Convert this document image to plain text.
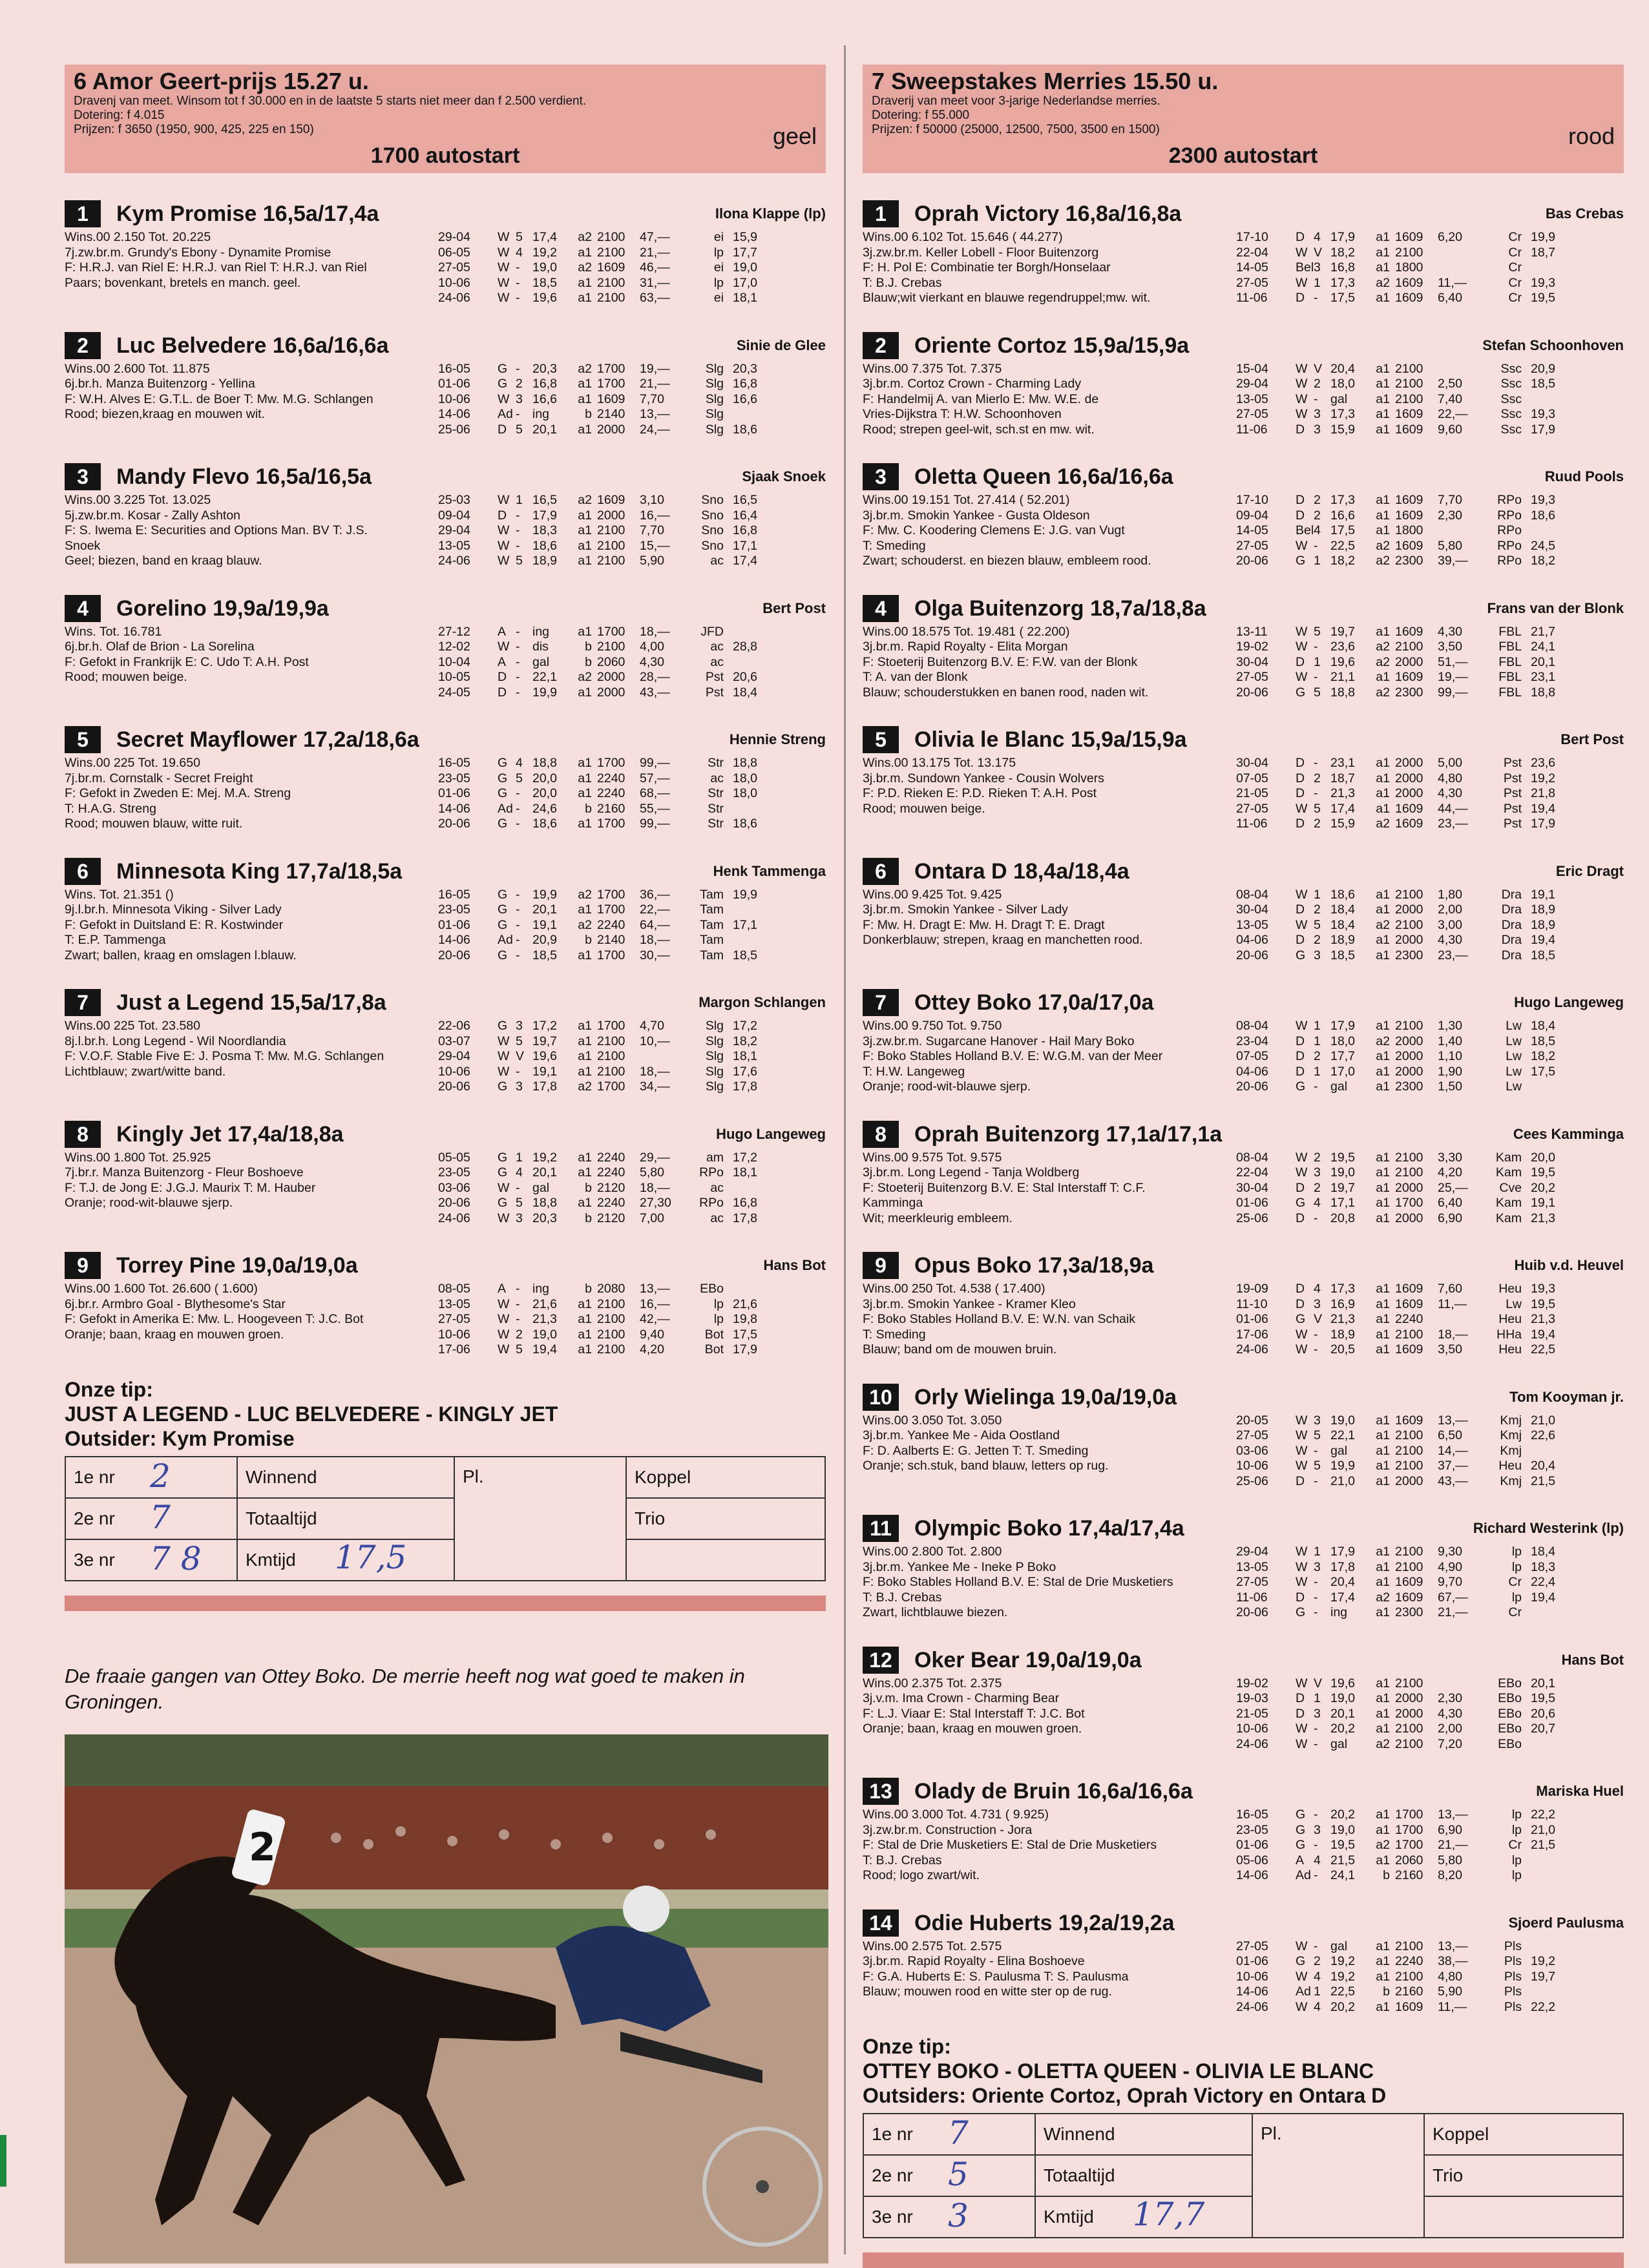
6 Amor Geert-prijs 15.27 u.
Dravenj van meet. Winsom tot f 30.000 en in de laatste 5 starts niet meer dan f 2.500 verdient.
Dotering: f 4.015
Prijzen: f 3650 (1950, 900, 425, 225 en 150)	geel
1700 autostart
1	Kym Promise 16,5a/17,4a	Ilona Klappe (lp)
Wins.00 2.150 Tot. 20.225
7j.zw.br.m. Grundy's Ebony - Dynamite Promise
F: H.R.J. van Riel E: H.R.J. van Riel T: H.R.J. van Riel
Paars; bovenkant, bretels en manch. geel.
29-04 W 5 17,4	a2 2100 47,—	ei 15,9
06-05 W 4 19,2	a1 2100 21,—	lp 17,7
27-05 W - 19,0	a2 1609 46,—	ei 19,0
10-06 W - 18,5	a1 2100 31,—	lp 17,0
24-06 W - 19,6	a1 2100 63,—	ei 18,1
2	Luc Belvedere 16,6a/16,6a	Sinie de Glee
Wins.00 2.600 Tot. 11.875
6j.br.h. Manza Buitenzorg - Yellina
F: W.H. Alves E: G.T.L. de Boer T: Mw. M.G. Schlangen
Rood; biezen,kraag en mouwen wit.
16-05 G - 20,3	a2 1700 19,—	Slg 20,3
01-06 G 2 16,8	a1 1700 21,—	Slg 16,8
10-06 W 3 16,6	a1 1609 7,70	Slg 16,6
14-06 Ad - ing	b 2140 13,—	Slg
25-06 D 5 20,1	a1 2000 24,—	Slg 18,6
3	Mandy Flevo 16,5a/16,5a	Sjaak Snoek
Wins.00 3.225 Tot. 13.025
5j.zw.br.m. Kosar - Zally Ashton
F: S. Iwema E: Securities and Options Man. BV T: J.S.
Snoek
Geel; biezen, band en kraag blauw.
25-03 W 1 16,5	a2 1609 3,10	Sno 16,5
09-04 D - 17,9	a1 2000 16,—	Sno 16,4
29-04 W - 18,3	a1 2100 7,70	Sno 16,8
13-05 W - 18,6	a1 2100 15,—	Sno 17,1
24-06 W 5 18,9	a1 2100 5,90	ac 17,4
4	Gorelino 19,9a/19,9a	Bert Post
Wins. Tot. 16.781
6j.br.h. Olaf de Brion - La Sorelina
F: Gefokt in Frankrijk E: C. Udo T: A.H. Post
Rood; mouwen beige.
27-12 A - ing	a1 1700 18,—	JFD
12-02 W - dis	b 2100 4,00	ac 28,8
10-04 A - gal	b 2060 4,30	ac
10-05 D - 22,1	a2 2000 28,—	Pst 20,6
24-05 D - 19,9	a1 2000 43,—	Pst 18,4
5	Secret Mayflower 17,2a/18,6a	Hennie Streng
Wins.00 225 Tot. 19.650
7j.br.m. Cornstalk - Secret Freight
F: Gefokt in Zweden E: Mej. M.A. Streng
T: H.A.G. Streng
Rood; mouwen blauw, witte ruit.
16-05 G 4 18,8	a1 1700 99,—	Str 18,8
23-05 G 5 20,0	a1 2240 57,—	ac 18,0
01-06 G - 20,0	a1 2240 68,—	Str 18,0
14-06 Ad - 24,6	b 2160 55,—	Str
20-06 G - 18,6	a1 1700 99,—	Str 18,6
6	Minnesota King 17,7a/18,5a	Henk Tammenga
Wins. Tot. 21.351 ()
9j.l.br.h. Minnesota Viking - Silver Lady
F: Gefokt in Duitsland E: R. Kostwinder
T: E.P. Tammenga
Zwart; ballen, kraag en omslagen l.blauw.
16-05 G - 19,9	a2 1700 36,—	Tam 19,9
23-05 G - 20,1	a1 1700 22,—	Tam
01-06 G - 19,1	a2 2240 64,—	Tam 17,1
14-06 Ad - 20,9	b 2140 18,—	Tam
20-06 G - 18,5	a1 1700 30,—	Tam 18,5
7	Just a Legend 15,5a/17,8a	Margon Schlangen
Wins.00 225 Tot. 23.580
8j.l.br.h. Long Legend - Wil Noordlandia
F: V.O.F. Stable Five E: J. Posma T: Mw. M.G. Schlangen
Lichtblauw; zwart/witte band.
22-06 G 3 17,2	a1 1700 4,70	Slg 17,2
03-07 W 5 19,7	a1 2100 10,—	Slg 18,2
29-04 W V 19,6	a1 2100	Slg 18,1
10-06 W - 19,1	a1 2100 18,—	Slg 17,6
20-06 G 3 17,8	a2 1700 34,—	Slg 17,8
8	Kingly Jet 17,4a/18,8a	Hugo Langeweg
Wins.00 1.800 Tot. 25.925
7j.br.r. Manza Buitenzorg - Fleur Boshoeve
F: T.J. de Jong E: J.G.J. Maurix T: M. Hauber
Oranje; rood-wit-blauwe sjerp.
05-05 G 1 19,2	a1 2240 29,—	am 17,2
23-05 G 4 20,1	a1 2240 5,80	RPo 18,1
03-06 W - gal	b 2120 18,—	ac
20-06 G 5 18,8	a1 2240 27,30	RPo 16,8
24-06 W 3 20,3	b 2120 7,00	ac 17,8
9	Torrey Pine 19,0a/19,0a	Hans Bot
Wins.00 1.600 Tot. 26.600 ( 1.600)
6j.br.r. Armbro Goal - Blythesome's Star
F: Gefokt in Amerika E: Mw. L. Hoogeveen T: J.C. Bot
Oranje; baan, kraag en mouwen groen.
08-05 A - ing	b 2080 13,—	EBo
13-05 W - 21,6	a1 2100 16,—	lp 21,6
27-05 W - 21,3	a1 2100 42,—	lp 19,8
10-06 W 2 19,0	a1 2100 9,40	Bot 17,5
17-06 W 5 19,4	a1 2100 4,20	Bot 17,9
Onze tip:
JUST A LEGEND - LUC BELVEDERE - KINGLY JET
Outsider: Kym Promise
1e nr 2	Winnend	Pl.	Koppel
2e nr 7	Totaaltijd		Trio
3e nr 7 8	Kmtijd 17,5		

7 Sweepstakes Merries 15.50 u.
Draverij van meet voor 3-jarige Nederlandse merries.
Dotering: f 55.000
Prijzen: f 50000 (25000, 12500, 7500, 3500 en 1500)	rood
2300 autostart
1	Oprah Victory 16,8a/16,8a	Bas Crebas
Wins.00 6.102 Tot. 15.646 ( 44.277)
3j.zw.br.m. Keller Lobell - Floor Buitenzorg
F: H. Pol E: Combinatie ter Borgh/Honselaar
T: B.J. Crebas
Blauw;wit vierkant en blauwe regendruppel;mw. wit.
17-10 D 4 17,9	a1 1609 6,20	Cr 19,9
22-04 W V 18,2	a1 2100	Cr 18,7
14-05 Bel 3 16,8	a1 1800	Cr
27-05 W 1 17,3	a2 1609 11,—	Cr 19,3
11-06 D - 17,5	a1 1609 6,40	Cr 19,5
2	Oriente Cortoz 15,9a/15,9a	Stefan Schoonhoven
Wins.00 7.375 Tot. 7.375
3j.br.m. Cortoz Crown - Charming Lady
F: Handelmij A. van Mierlo E: Mw. W.E. de
Vries-Dijkstra T: H.W. Schoonhoven
Rood; strepen geel-wit, sch.st en mw. wit.
15-04 W V 20,4	a1 2100	Ssc 20,9
29-04 W 2 18,0	a1 2100 2,50	Ssc 18,5
13-05 W - gal	a1 2100 7,40	Ssc
27-05 W 3 17,3	a1 1609 22,—	Ssc 19,3
11-06 D 3 15,9	a1 1609 9,60	Ssc 17,9
3	Oletta Queen 16,6a/16,6a	Ruud Pools
Wins.00 19.151 Tot. 27.414 ( 52.201)
3j.br.m. Smokin Yankee - Gusta Oldeson
F: Mw. C. Koodering Clemens E: J.G. van Vugt
T: Smeding
Zwart; schouderst. en biezen blauw, embleem rood.
17-10 D 2 17,3	a1 1609 7,70	RPo 19,3
09-04 D 2 16,6	a1 1609 2,30	RPo 18,6
14-05 Bel 4 17,5	a1 1800	RPo
27-05 W - 22,5	a2 1609 5,80	RPo 24,5
20-06 G 1 18,2	a2 2300 39,—	RPo 18,2
4	Olga Buitenzorg 18,7a/18,8a	Frans van der Blonk
Wins.00 18.575 Tot. 19.481 ( 22.200)
3j.br.m. Rapid Royalty - Elita Morgan
F: Stoeterij Buitenzorg B.V. E: F.W. van der Blonk
T: A. van der Blonk
Blauw; schouderstukken en banen rood, naden wit.
13-11 W 5 19,7	a1 1609 4,30	FBL 21,7
19-02 W - 23,6	a2 2100 3,50	FBL 24,1
30-04 D 1 19,6	a2 2000 51,—	FBL 20,1
27-05 W - 21,1	a1 1609 19,—	FBL 23,1
20-06 G 5 18,8	a2 2300 99,—	FBL 18,8
5	Olivia le Blanc 15,9a/15,9a	Bert Post
Wins.00 13.175 Tot. 13.175
3j.br.m. Sundown Yankee - Cousin Wolvers
F: P.D. Rieken E: P.D. Rieken T: A.H. Post
Rood; mouwen beige.
30-04 D - 23,1	a1 2000 5,00	Pst 23,6
07-05 D 2 18,7	a1 2000 4,80	Pst 19,2
21-05 D - 21,3	a1 2000 4,30	Pst 21,8
27-05 W 5 17,4	a1 1609 44,—	Pst 19,4
11-06 D 2 15,9	a2 1609 23,—	Pst 17,9
6	Ontara D 18,4a/18,4a	Eric Dragt
Wins.00 9.425 Tot. 9.425
3j.br.m. Smokin Yankee - Silver Lady
F: Mw. H. Dragt E: Mw. H. Dragt T: E. Dragt
Donkerblauw; strepen, kraag en manchetten rood.
08-04 W 1 18,6	a1 2100 1,80	Dra 19,1
30-04 D 2 18,4	a1 2000 2,00	Dra 18,9
13-05 W 5 18,4	a2 2100 3,00	Dra 18,9
04-06 D 2 18,9	a1 2000 4,30	Dra 19,4
20-06 G 3 18,5	a1 2300 23,—	Dra 18,5
7	Ottey Boko 17,0a/17,0a	Hugo Langeweg
Wins.00 9.750 Tot. 9.750
3j.zw.br.m. Sugarcane Hanover - Hail Mary Boko
F: Boko Stables Holland B.V. E: W.G.M. van der Meer
T: H.W. Langeweg
Oranje; rood-wit-blauwe sjerp.
08-04 W 1 17,9	a1 2100 1,30	Lw 18,4
23-04 D 1 18,0	a2 2000 1,40	Lw 18,5
07-05 D 2 17,7	a1 2000 1,10	Lw 18,2
04-06 D 1 17,0	a1 2000 1,90	Lw 17,5
20-06 G - gal	a1 2300 1,50	Lw
8	Oprah Buitenzorg 17,1a/17,1a	Cees Kamminga
Wins.00 9.575 Tot. 9.575
3j.br.m. Long Legend - Tanja Woldberg
F: Stoeterij Buitenzorg B.V. E: Stal Interstaff T: C.F.
Kamminga
Wit; meerkleurig embleem.
08-04 W 2 19,5	a1 2100 3,30	Kam 20,0
22-04 W 3 19,0	a1 2100 4,20	Kam 19,5
30-04 D 2 19,7	a1 2000 25,—	Cve 20,2
01-06 G 4 17,1	a1 1700 6,40	Kam 19,1
25-06 D - 20,8	a1 2000 6,90	Kam 21,3
9	Opus Boko 17,3a/18,9a	Huib v.d. Heuvel
Wins.00 250 Tot. 4.538 ( 17.400)
3j.br.m. Smokin Yankee - Kramer Kleo
F: Boko Stables Holland B.V. E: W.N. van Schaik
T: Smeding
Blauw; band om de mouwen bruin.
19-09 D 4 17,3	a1 1609 7,60	Heu 19,3
11-10 D 3 16,9	a1 1609 11,—	Lw 19,5
01-06 G V 21,3	a1 2240	Heu 21,3
17-06 W - 18,9	a1 2100 18,—	HHa 19,4
24-06 W - 20,5	a1 1609 3,50	Heu 22,5
10	Orly Wielinga 19,0a/19,0a	Tom Kooyman jr.
Wins.00 3.050 Tot. 3.050
3j.br.m. Yankee Me - Aida Oostland
F: D. Aalberts E: G. Jetten T: T. Smeding
Oranje; sch.stuk, band blauw, letters op rug.
20-05 W 3 19,0	a1 1609 13,—	Kmj 21,0
27-05 W 5 22,1	a1 2100 6,50	Kmj 22,6
03-06 W - gal	a1 2100 14,—	Kmj
10-06 W 5 19,9	a1 2100 37,—	Heu 20,4
25-06 D - 21,0	a1 2000 43,—	Kmj 21,5
11	Olympic Boko 17,4a/17,4a	Richard Westerink (lp)
Wins.00 2.800 Tot. 2.800
3j.br.m. Yankee Me - Ineke P Boko
F: Boko Stables Holland B.V. E: Stal de Drie Musketiers
T: B.J. Crebas
Zwart, lichtblauwe biezen.
29-04 W 1 17,9	a1 2100 9,30	lp 18,4
13-05 W 3 17,8	a1 2100 4,90	lp 18,3
27-05 W - 20,4	a1 1609 9,70	Cr 22,4
11-06 D - 17,4	a2 1609 67,—	lp 19,4
20-06 G - ing	a1 2300 21,—	Cr
12	Oker Bear 19,0a/19,0a	Hans Bot
Wins.00 2.375 Tot. 2.375
3j.v.m. Ima Crown - Charming Bear
F: L.J. Viaar E: Stal Interstaff T: J.C. Bot
Oranje; baan, kraag en mouwen groen.
19-02 W V 19,6	a1 2100	EBo 20,1
19-03 D 1 19,0	a1 2000 2,30	EBo 19,5
21-05 D 3 20,1	a1 2000 4,30	EBo 20,6
10-06 W - 20,2	a1 2100 2,00	EBo 20,7
24-06 W - gal	a2 2100 7,20	EBo
13	Olady de Bruin 16,6a/16,6a	Mariska Huel
Wins.00 3.000 Tot. 4.731 ( 9.925)
3j.zw.br.m. Construction - Jora
F: Stal de Drie Musketiers E: Stal de Drie Musketiers
T: B.J. Crebas
Rood; logo zwart/wit.
16-05 G - 20,2	a1 1700 13,—	lp 22,2
23-05 G 3 19,0	a1 1700 6,90	lp 21,0
01-06 G - 19,5	a2 1700 21,—	Cr 21,5
05-06 A 4 21,5	a1 2060 5,80	lp
14-06 Ad - 24,1	b 2160 8,20	lp
14	Odie Huberts 19,2a/19,2a	Sjoerd Paulusma
Wins.00 2.575 Tot. 2.575
3j.br.m. Rapid Royalty - Elina Boshoeve
F: G.A. Huberts E: S. Paulusma T: S. Paulusma
Blauw; mouwen rood en witte ster op de rug.
27-05 W - gal	a1 2100 13,—	Pls
01-06 G 2 19,2	a1 2240 38,—	Pls 19,2
10-06 W 4 19,2	a1 2100 4,80	Pls 19,7
14-06 Ad 1 22,5	b 2160 5,90	Pls
24-06 W 4 20,2	a1 1609 11,—	Pls 22,2
Onze tip:
OTTEY BOKO - OLETTA QUEEN - OLIVIA LE BLANC
Outsiders: Oriente Cortoz, Oprah Victory en Ontara D
1e nr 7	Winnend	Pl.	Koppel
2e nr 5	Totaaltijd		Trio
3e nr 3	Kmtijd 17,7		

De fraaie gangen van Ottey Boko. De merrie heeft nog wat goed te maken in Groningen.
2
